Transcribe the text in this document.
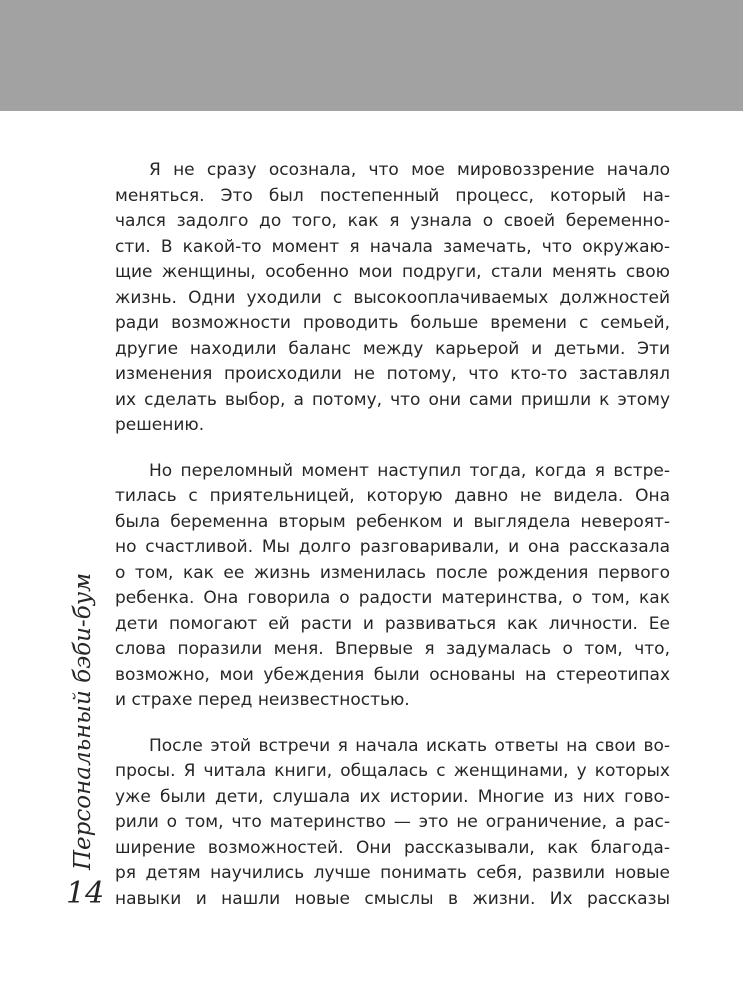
Я не сразу осознала, что мое мировоззрение начало
меняться. Это был постепенный процесс, который на-
чался задолго до того, как я узнала о своей беременно-
сти. В какой-то момент я начала замечать, что окружаю-
щие женщины, особенно мои подруги, стали менять свою
жизнь. Одни уходили с высокооплачиваемых должностей
ради возможности проводить больше времени с семьей,
другие находили баланс между карьерой и детьми. Эти
изменения происходили не потому, что кто-то заставлял
их сделать выбор, а потому, что они сами пришли к этому
решению.
Но переломный момент наступил тогда, когда я встре-
тилась с приятельницей, которую давно не видела. Она
была беременна вторым ребенком и выглядела невероят-
но счастливой. Мы долго разговаривали, и она рассказала
о том, как ее жизнь изменилась после рождения первого
ребенка. Она говорила о радости материнства, о том, как
дети помогают ей расти и развиваться как личности. Ее
слова поразили меня. Впервые я задумалась о том, что,
возможно, мои убеждения были основаны на стереотипах
и страхе перед неизвестностью.
После этой встречи я начала искать ответы на свои во-
просы. Я читала книги, общалась с женщинами, у которых
уже были дети, слушала их истории. Многие из них гово-
рили о том, что материнство — это не ограничение, а рас-
ширение возможностей. Они рассказывали, как благода-
ря детям научились лучше понимать себя, развили новые
навыки и нашли новые смыслы в жизни. Их рассказы
Персональный бэби-бум
14
